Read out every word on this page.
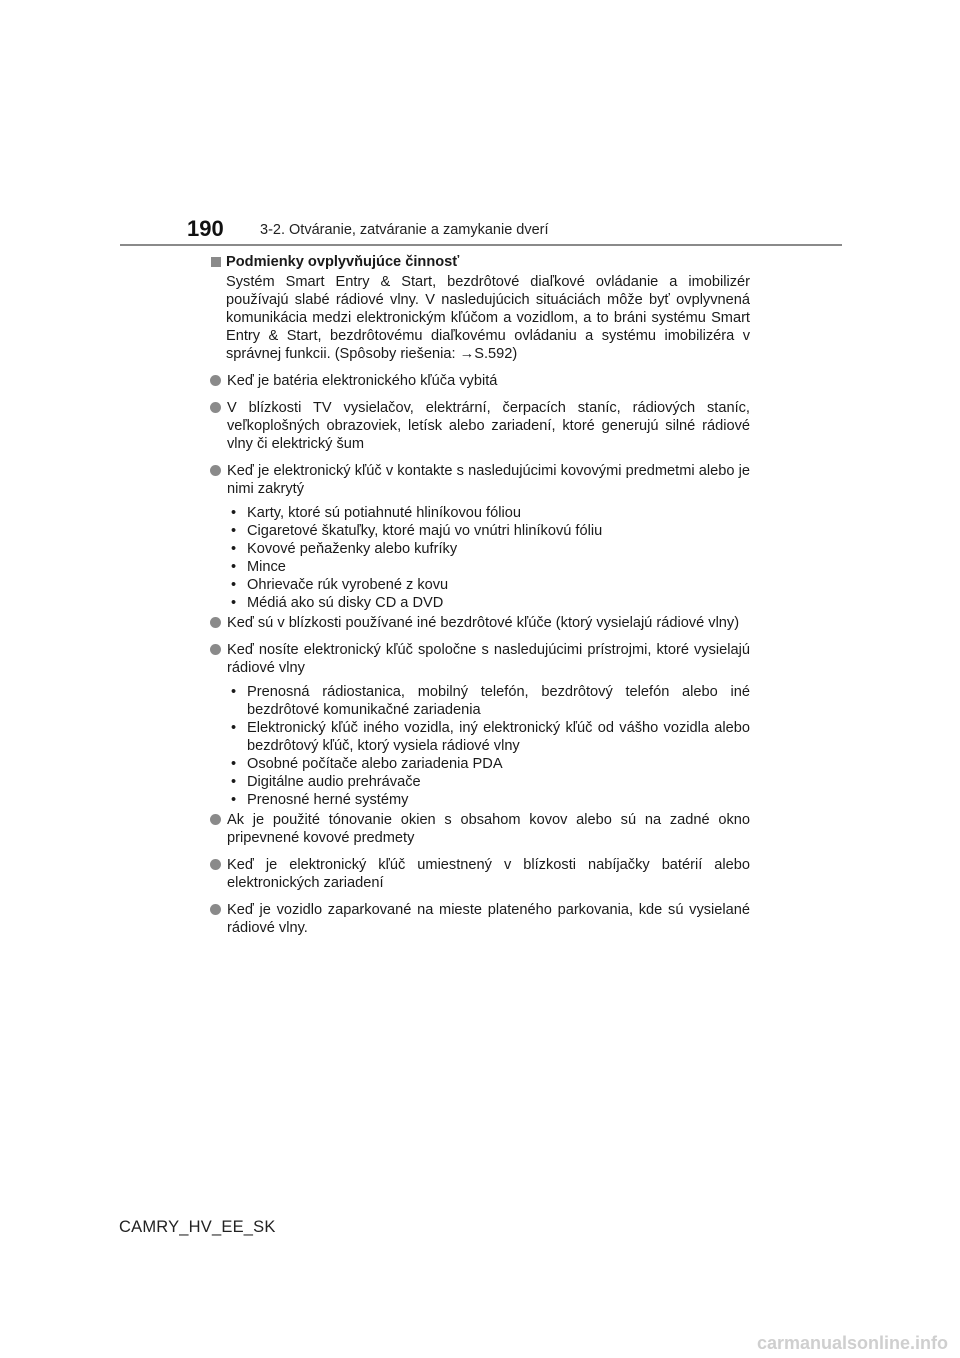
190	3-2. Otváranie, zatváranie a zamykanie dverí
Podmienky ovplyvňujúce činnosť

Systém Smart Entry & Start, bezdrôtové diaľkové ovládanie a imobilizér používajú slabé rádiové vlny. V nasledujúcich situáciách môže byť ovplyvnená komunikácia medzi elektronickým kľúčom a vozidlom, a to bráni systému Smart Entry & Start, bezdrôtovému diaľkovému ovládaniu a systému imobilizéra v správnej funkcii. (Spôsoby riešenia: →S.592)

Keď je batéria elektronického kľúča vybitá
V blízkosti TV vysielačov, elektrární, čerpacích staníc, rádiových staníc, veľkoplošných obrazoviek, letísk alebo zariadení, ktoré generujú silné rádiové vlny či elektrický šum
Keď je elektronický kľúč v kontakte s nasledujúcimi kovovými predmetmi alebo je nimi zakrytý
• Karty, ktoré sú potiahnuté hliníkovou fóliou
• Cigaretové škatuľky, ktoré majú vo vnútri hliníkovú fóliu
• Kovové peňaženky alebo kufríky
• Mince
• Ohrievače rúk vyrobené z kovu
• Médiá ako sú disky CD a DVD
Keď sú v blízkosti používané iné bezdrôtové kľúče (ktorý vysielajú rádiové vlny)
Keď nosíte elektronický kľúč spoločne s nasledujúcimi prístrojmi, ktoré vysielajú rádiové vlny
• Prenosná rádiostanica, mobilný telefón, bezdrôtový telefón alebo iné bezdrôtové komunikačné zariadenia
• Elektronický kľúč iného vozidla, iný elektronický kľúč od vášho vozidla alebo bezdrôtový kľúč, ktorý vysiela rádiové vlny
• Osobné počítače alebo zariadenia PDA
• Digitálne audio prehrávače
• Prenosné herné systémy
Ak je použité tónovanie okien s obsahom kovov alebo sú na zadné okno pripevnené kovové predmety
Keď je elektronický kľúč umiestnený v blízkosti nabíjačky batérií alebo elektronických zariadení
Keď je vozidlo zaparkované na mieste plateného parkovania, kde sú vysielané rádiové vlny.
CAMRY_HV_EE_SK
carmanualsonline.info
